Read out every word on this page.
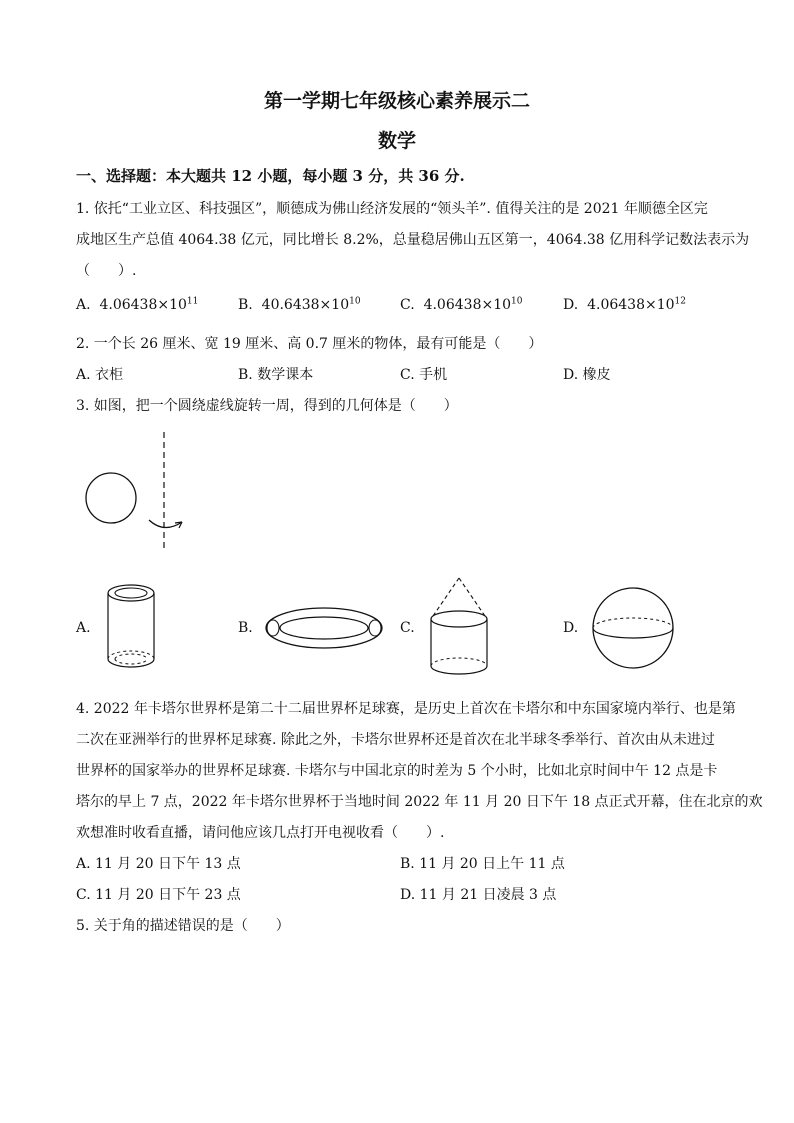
第一学期七年级核心素养展示二
数学
一、选择题：本大题共 12 小题，每小题 3 分，共 36 分.
1. 依托“工业立区、科技强区”，顺德成为佛山经济发展的“领头羊”. 值得关注的是 2021 年顺德全区完
成地区生产总值 4064.38 亿元，同比增长 8.2%，总量稳居佛山五区第一，4064.38 亿用科学记数法表示为
（　　）.
A. $4.06438\times 10^{11}$	B. $40.6438\times 10^{10}$	C. $4.06438\times 10^{10}$	D. $4.06438\times 10^{12}$
2. 一个长 26 厘米、宽 19 厘米、高 0.7 厘米的物体，最有可能是（　　）
A. 衣柜	B. 数学课本	C. 手机	D. 橡皮
3. 如图，把一个圆绕虚线旋转一周，得到的几何体是（　　）
A.	B.	C.	D.
4. 2022 年卡塔尔世界杯是第二十二届世界杯足球赛，是历史上首次在卡塔尔和中东国家境内举行、也是第
二次在亚洲举行的世界杯足球赛. 除此之外，卡塔尔世界杯还是首次在北半球冬季举行、首次由从未进过
世界杯的国家举办的世界杯足球赛. 卡塔尔与中国北京的时差为 5 个小时，比如北京时间中午 12 点是卡
塔尔的早上 7 点，2022 年卡塔尔世界杯于当地时间 2022 年 11 月 20 日下午 18 点正式开幕，住在北京的欢
欢想准时收看直播，请问他应该几点打开电视收看（　　）.
A. 11 月 20 日下午 13 点	B. 11 月 20 日上午 11 点
C. 11 月 20 日下午 23 点	D. 11 月 21 日凌晨 3 点
5. 关于角的描述错误的是（　　）
